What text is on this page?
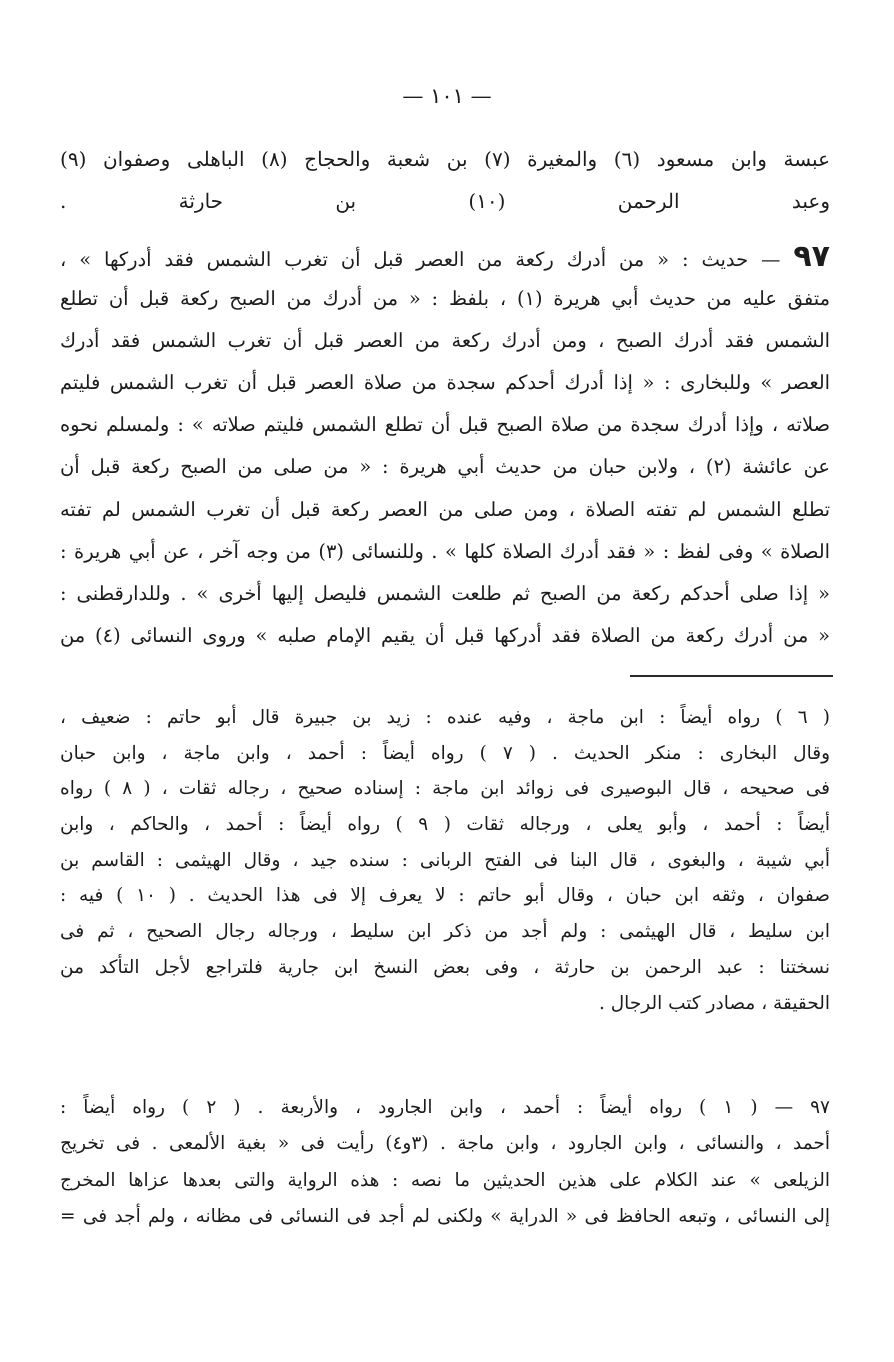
— ١٠١ —
عبسة وابن مسعود (٦) والمغيرة (٧) بن شعبة والحجاج (٨) الباهلى وصفوان (٩)
وعبد الرحمن (١٠) بن حارثة .
٩٧ — حديث : « من أدرك ركعة من العصر قبل أن تغرب الشمس فقد أدركها » ،
متفق عليه من حديث أبي هريرة (١) ، بلفظ : « من أدرك من الصبح ركعة قبل أن تطلع
الشمس فقد أدرك الصبح ، ومن أدرك ركعة من العصر قبل أن تغرب الشمس فقد أدرك
العصر » وللبخارى : « إذا أدرك أحدكم سجدة من صلاة العصر قبل أن تغرب الشمس فليتم
صلاته ، وإذا أدرك سجدة من صلاة الصبح قبل أن تطلع الشمس فليتم صلاته » : ولمسلم نحوه
عن عائشة (٢) ، ولابن حبان من حديث أبي هريرة : « من صلى من الصبح ركعة قبل أن
تطلع الشمس لم تفته الصلاة ، ومن صلى من العصر ركعة قبل أن تغرب الشمس لم تفته
الصلاة » وفى لفظ : « فقد أدرك الصلاة كلها » . وللنسائى (٣) من وجه آخر ، عن أبي هريرة :
« إذا صلى أحدكم ركعة من الصبح ثم طلعت الشمس فليصل إليها أخرى » . وللدارقطنى :
« من أدرك ركعة من الصلاة فقد أدركها قبل أن يقيم الإمام صلبه » وروى النسائى (٤) من
( ٦ ) رواه أيضاً : ابن ماجة ، وفيه عنده : زيد بن جبيرة قال أبو حاتم : ضعيف ،
وقال البخارى : منكر الحديث . ( ٧ ) رواه أيضاً : أحمد ، وابن ماجة ، وابن حبان
فى صحيحه ، قال البوصيرى فى زوائد ابن ماجة : إسناده صحيح ، رجاله ثقات ، ( ٨ ) رواه
أيضاً : أحمد ، وأبو يعلى ، ورجاله ثقات ( ٩ ) رواه أيضاً : أحمد ، والحاكم ، وابن
أبي شيبة ، والبغوى ، قال البنا فى الفتح الربانى : سنده جيد ، وقال الهيثمى : القاسم بن
صفوان ، وثقه ابن حبان ، وقال أبو حاتم : لا يعرف إلا فى هذا الحديث . ( ١٠ ) فيه :
ابن سليط ، قال الهيثمى : ولم أجد من ذكر ابن سليط ، ورجاله رجال الصحيح ، ثم فى
نسختنا : عبد الرحمن بن حارثة ، وفى بعض النسخ ابن جارية فلتراجع لأجل التأكد من
الحقيقة ، مصادر كتب الرجال .
٩٧ — ( ١ ) رواه أيضاً : أحمد ، وابن الجارود ، والأربعة . ( ٢ ) رواه أيضاً :
أحمد ، والنسائى ، وابن الجارود ، وابن ماجة . (٣و٤) رأيت فى « بغية الألمعى . فى تخريج
الزيلعى » عند الكلام على هذين الحديثين ما نصه : هذه الرواية والتى بعدها عزاها المخرج
إلى النسائى ، وتبعه الحافظ فى « الدراية » ولكنى لم أجد فى النسائى فى مظانه ، ولم أجد فى =
